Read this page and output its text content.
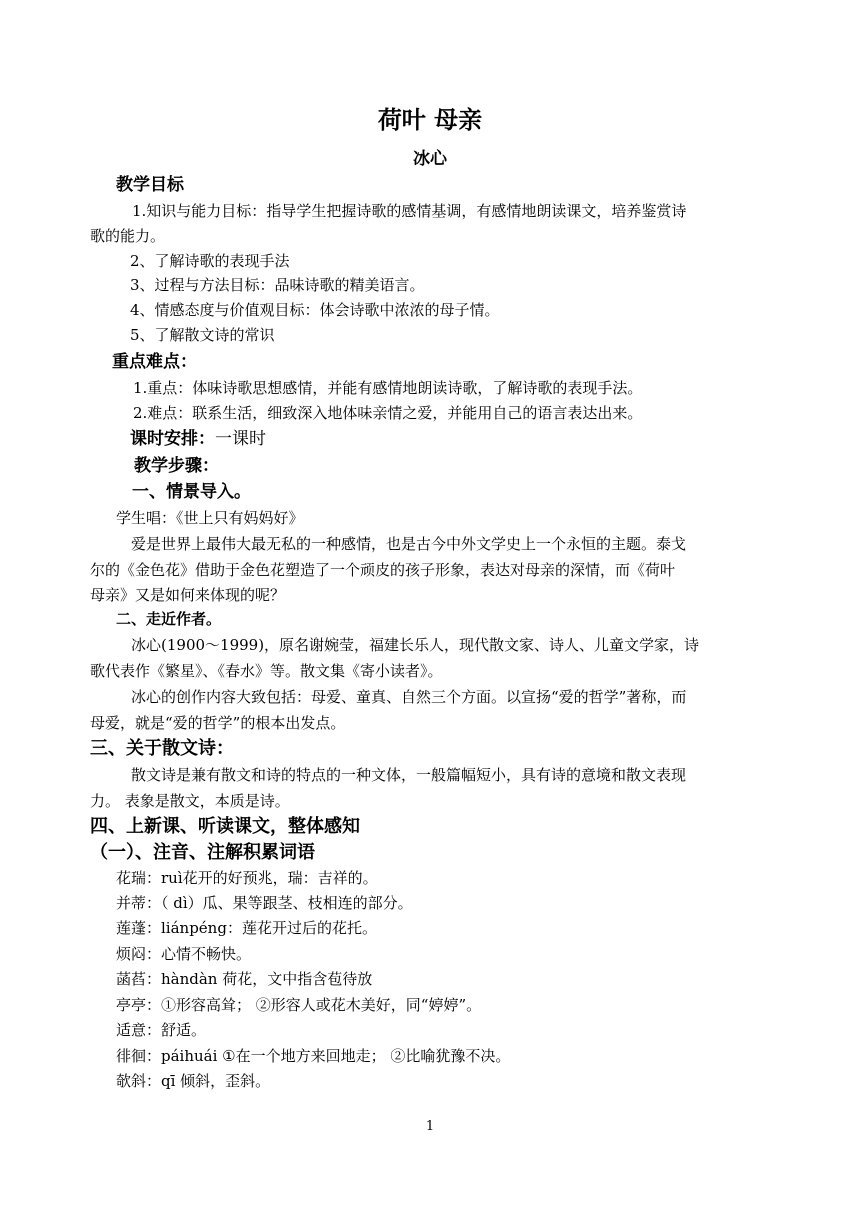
荷叶 母亲
冰心
教学目标
1.知识与能力目标：指导学生把握诗歌的感情基调，有感情地朗读课文，培养鉴赏诗
歌的能力。
2、了解诗歌的表现手法
3、过程与方法目标：品味诗歌的精美语言。
4、情感态度与价值观目标：体会诗歌中浓浓的母子情。
5、了解散文诗的常识
重点难点：
1.重点：体味诗歌思想感情，并能有感情地朗读诗歌，了解诗歌的表现手法。
2.难点：联系生活，细致深入地体味亲情之爱，并能用自己的语言表达出来。
课时安排：一课时
教学步骤：
一、情景导入。
学生唱：《世上只有妈妈好》
爱是世界上最伟大最无私的一种感情，也是古今中外文学史上一个永恒的主题。泰戈
尔的《金色花》借助于金色花塑造了一个顽皮的孩子形象，表达对母亲的深情，而《荷叶
母亲》又是如何来体现的呢？
二、走近作者。
冰心(1900～1999)，原名谢婉莹，福建长乐人，现代散文家、诗人、儿童文学家，诗
歌代表作《繁星》、《春水》等。散文集《寄小读者》。
冰心的创作内容大致包括：母爱、童真、自然三个方面。以宣扬“爱的哲学”著称，而
母爱，就是“爱的哲学”的根本出发点。
三、关于散文诗：
散文诗是兼有散文和诗的特点的一种文体，一般篇幅短小，具有诗的意境和散文表现
力。 表象是散文，本质是诗。
四、上新课、听读课文，整体感知
（一）、注音、注解积累词语
花瑞：ruì花开的好预兆，瑞：吉祥的。
并蒂：（ dì）瓜、果等跟茎、枝相连的部分。
莲蓬：liánpéng：莲花开过后的花托。
烦闷：心情不畅快。
菡萏：hàndàn 荷花，文中指含苞待放
亭亭：①形容高耸； ②形容人或花木美好，同“婷婷”。
适意：舒适。
徘徊：páihuái ①在一个地方来回地走； ②比喻犹豫不决。
欹斜：qī 倾斜，歪斜。
1
